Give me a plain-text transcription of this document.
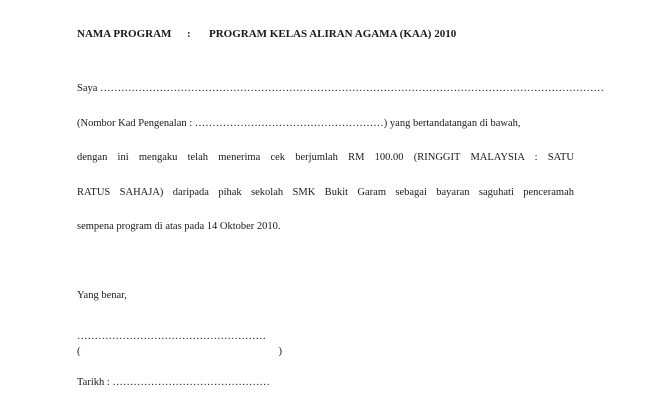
NAMA PROGRAM : PROGRAM KELAS ALIRAN AGAMA (KAA) 2010
Saya ………………………………………………………………………………………………………………………………
(Nombor Kad Pengenalan : ………………………………………………) yang bertandatangan di bawah,
dengan ini mengaku telah menerima cek berjumlah RM 100.00 (RINGGIT MALAYSIA : SATU
RATUS SAHAJA) daripada pihak sekolah SMK Bukit Garam sebagai bayaran saguhati penceramah
sempena program di atas pada 14 Oktober 2010.
Yang benar,
………………………………………………
(	)
Tarikh : ………………………………………
